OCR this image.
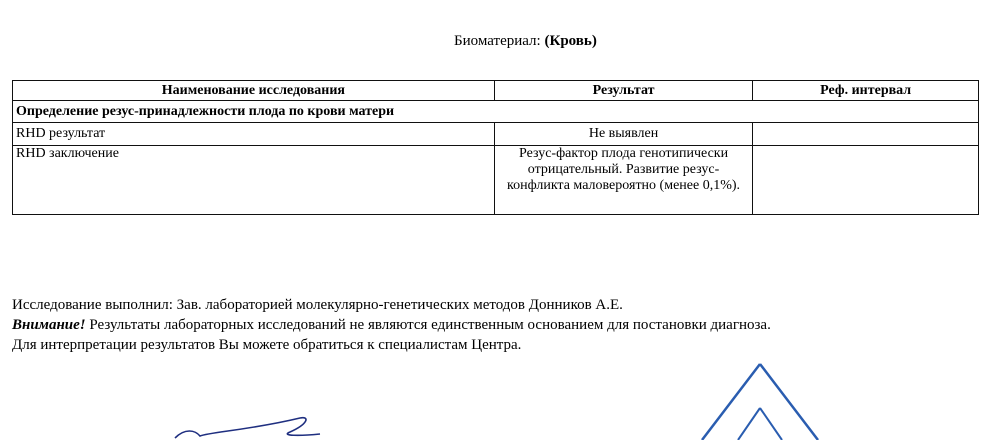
Биоматериал: (Кровь)
Наименование исследования	Результат	Реф. интервал
Определение резус-принадлежности плода по крови матери		
RHD результат	Не выявлен	
RHD заключение	Резус-фактор плода генотипически отрицательный. Развитие резус-конфликта маловероятно (менее 0,1%).	
Исследование выполнил: Зав. лабораторией молекулярно-генетических методов Донников А.Е.
Внимание! Результаты лабораторных исследований не являются единственным основанием для постановки диагноза.
Для интерпретации результатов Вы можете обратиться к специалистам Центра.
